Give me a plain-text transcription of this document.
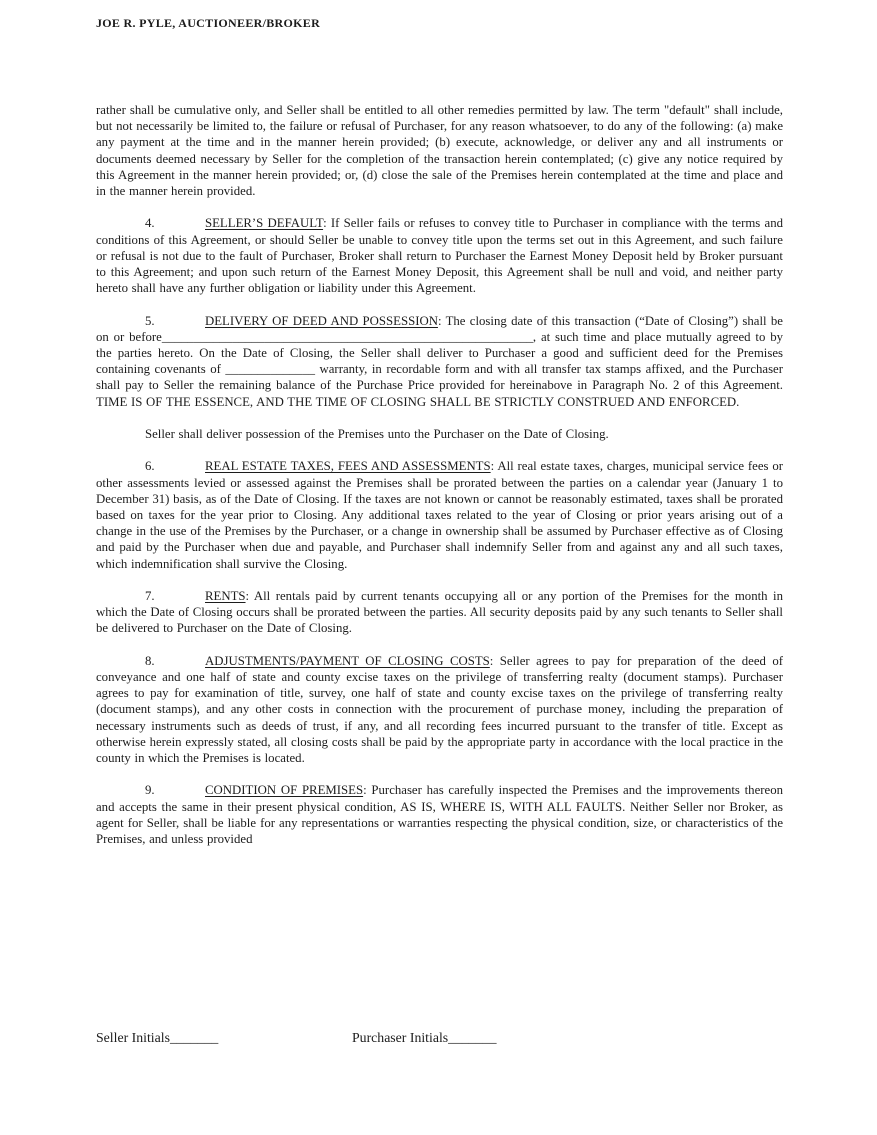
JOE R. PYLE, AUCTIONEER/BROKER

rather shall be cumulative only, and Seller shall be entitled to all other remedies permitted by law. The term "default" shall include, but not necessarily be limited to, the failure or refusal of Purchaser, for any reason whatsoever, to do any of the following: (a) make any payment at the time and in the manner herein provided; (b) execute, acknowledge, or deliver any and all instruments or documents deemed necessary by Seller for the completion of the transaction herein contemplated; (c) give any notice required by this Agreement in the manner herein provided; or, (d) close the sale of the Premises herein contemplated at the time and place and in the manner herein provided.

4.	SELLER’S DEFAULT: If Seller fails or refuses to convey title to Purchaser in compliance with the terms and conditions of this Agreement, or should Seller be unable to convey title upon the terms set out in this Agreement, and such failure or refusal is not due to the fault of Purchaser, Broker shall return to Purchaser the Earnest Money Deposit held by Broker pursuant to this Agreement; and upon such return of the Earnest Money Deposit, this Agreement shall be null and void, and neither party hereto shall have any further obligation or liability under this Agreement.

5.	DELIVERY OF DEED AND POSSESSION: The closing date of this transaction (“Date of Closing”) shall be on or before__________________________________________________________, at such time and place mutually agreed to by the parties hereto. On the Date of Closing, the Seller shall deliver to Purchaser a good and sufficient deed for the Premises containing covenants of ______________ warranty, in recordable form and with all transfer tax stamps affixed, and the Purchaser shall pay to Seller the remaining balance of the Purchase Price provided for hereinabove in Paragraph No. 2 of this Agreement. TIME IS OF THE ESSENCE, AND THE TIME OF CLOSING SHALL BE STRICTLY CONSTRUED AND ENFORCED.

Seller shall deliver possession of the Premises unto the Purchaser on the Date of Closing.

6.	REAL ESTATE TAXES, FEES AND ASSESSMENTS: All real estate taxes, charges, municipal service fees or other assessments levied or assessed against the Premises shall be prorated between the parties on a calendar year (January 1 to December 31) basis, as of the Date of Closing. If the taxes are not known or cannot be reasonably estimated, taxes shall be prorated based on taxes for the year prior to Closing. Any additional taxes related to the year of Closing or prior years arising out of a change in the use of the Premises by the Purchaser, or a change in ownership shall be assumed by Purchaser effective as of Closing and paid by the Purchaser when due and payable, and Purchaser shall indemnify Seller from and against any and all such taxes, which indemnification shall survive the Closing.

7.	RENTS: All rentals paid by current tenants occupying all or any portion of the Premises for the month in which the Date of Closing occurs shall be prorated between the parties. All security deposits paid by any such tenants to Seller shall be delivered to Purchaser on the Date of Closing.

8.	ADJUSTMENTS/PAYMENT OF CLOSING COSTS: Seller agrees to pay for preparation of the deed of conveyance and one half of state and county excise taxes on the privilege of transferring realty (document stamps). Purchaser agrees to pay for examination of title, survey, one half of state and county excise taxes on the privilege of transferring realty (document stamps), and any other costs in connection with the procurement of purchase money, including the preparation of necessary instruments such as deeds of trust, if any, and all recording fees incurred pursuant to the transfer of title. Except as otherwise herein expressly stated, all closing costs shall be paid by the appropriate party in accordance with the local practice in the county in which the Premises is located.

9.	CONDITION OF PREMISES: Purchaser has carefully inspected the Premises and the improvements thereon and accepts the same in their present physical condition, AS IS, WHERE IS, WITH ALL FAULTS. Neither Seller nor Broker, as agent for Seller, shall be liable for any representations or warranties respecting the physical condition, size, or characteristics of the Premises, and unless provided

Seller Initials_______	Purchaser Initials_______
